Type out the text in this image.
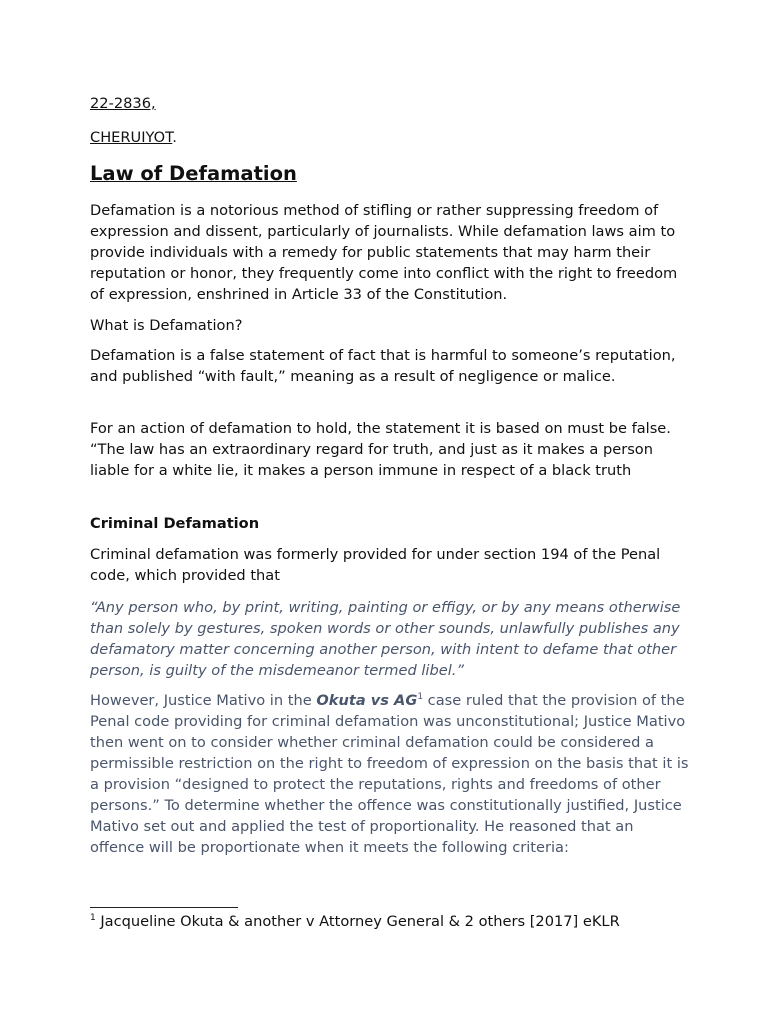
22-2836,

CHERUIYOT.

Law of Defamation

Defamation is a notorious method of stifling or rather suppressing freedom of expression and dissent, particularly of journalists. While defamation laws aim to provide individuals with a remedy for public statements that may harm their reputation or honor, they frequently come into conflict with the right to freedom of expression, enshrined in Article 33 of the Constitution.

What is Defamation?

Defamation is a false statement of fact that is harmful to someone’s reputation, and published “with fault,” meaning as a result of negligence or malice.

For an action of defamation to hold, the statement it is based on must be false. “The law has an extraordinary regard for truth, and just as it makes a person liable for a white lie, it makes a person immune in respect of a black truth

Criminal Defamation

Criminal defamation was formerly provided for under section 194 of the Penal code, which provided that

“Any person who, by print, writing, painting or effigy, or by any means otherwise than solely by gestures, spoken words or other sounds, unlawfully publishes any defamatory matter concerning another person, with intent to defame that other person, is guilty of the misdemeanor termed libel.”

However, Justice Mativo in the Okuta vs AG$^1$ case ruled that the provision of the Penal code providing for criminal defamation was unconstitutional; Justice Mativo then went on to consider whether criminal defamation could be considered a permissible restriction on the right to freedom of expression on the basis that it is a provision “designed to protect the reputations, rights and freedoms of other persons.” To determine whether the offence was constitutionally justified, Justice Mativo set out and applied the test of proportionality. He reasoned that an offence will be proportionate when it meets the following criteria:

$^1$ Jacqueline Okuta & another v Attorney General & 2 others [2017] eKLR
